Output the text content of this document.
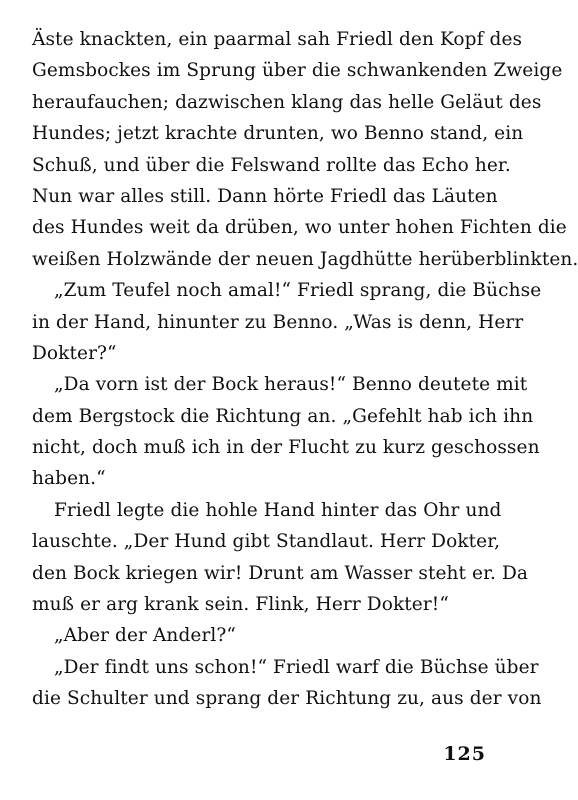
Äste knackten, ein paarmal sah Friedl den Kopf des
Gemsbockes im Sprung über die schwankenden Zweige
heraufauchen; dazwischen klang das helle Geläut des
Hundes; jetzt krachte drunten, wo Benno stand, ein
Schuß, und über die Felswand rollte das Echo her.
Nun war alles still. Dann hörte Friedl das Läuten
des Hundes weit da drüben, wo unter hohen Fichten die
weißen Holzwände der neuen Jagdhütte herüberblinkten.
„Zum Teufel noch amal!“ Friedl sprang, die Büchse
in der Hand, hinunter zu Benno. „Was is denn, Herr
Dokter?“
„Da vorn ist der Bock heraus!“ Benno deutete mit
dem Bergstock die Richtung an. „Gefehlt hab ich ihn
nicht, doch muß ich in der Flucht zu kurz geschossen
haben.“
Friedl legte die hohle Hand hinter das Ohr und
lauschte. „Der Hund gibt Standlaut. Herr Dokter,
den Bock kriegen wir! Drunt am Wasser steht er. Da
muß er arg krank sein. Flink, Herr Dokter!“
„Aber der Anderl?“
„Der findt uns schon!“ Friedl warf die Büchse über
die Schulter und sprang der Richtung zu, aus der von
125
